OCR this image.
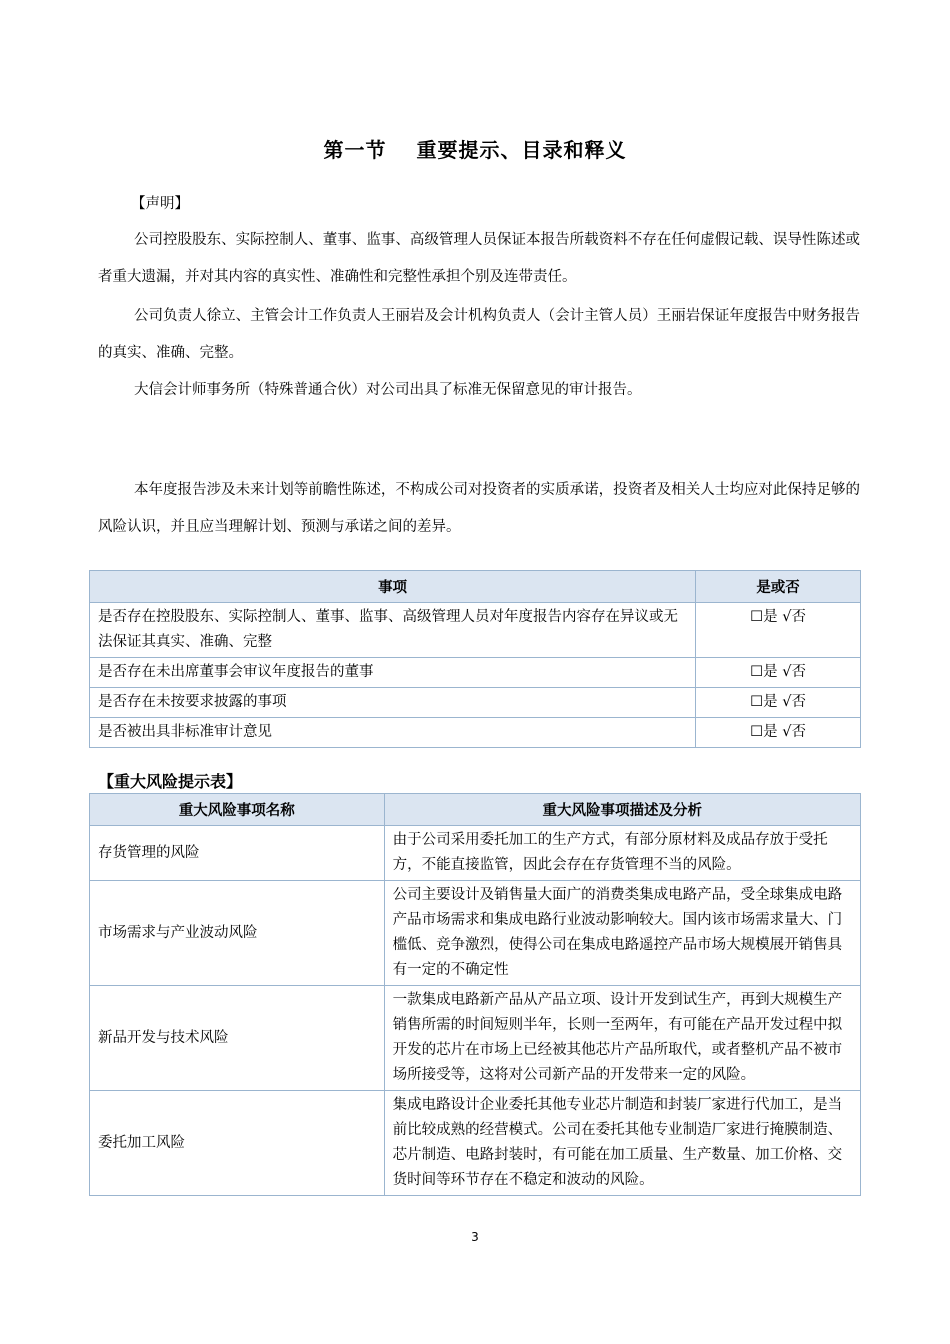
第一节 重要提示、目录和释义
【声明】
公司控股股东、实际控制人、董事、监事、高级管理人员保证本报告所载资料不存在任何虚假记载、误导性陈述或者重大遗漏，并对其内容的真实性、准确性和完整性承担个别及连带责任。
公司负责人徐立、主管会计工作负责人王丽岩及会计机构负责人（会计主管人员）王丽岩保证年度报告中财务报告的真实、准确、完整。
大信会计师事务所（特殊普通合伙）对公司出具了标准无保留意见的审计报告。
本年度报告涉及未来计划等前瞻性陈述，不构成公司对投资者的实质承诺，投资者及相关人士均应对此保持足够的风险认识，并且应当理解计划、预测与承诺之间的差异。
事项	是或否
是否存在控股股东、实际控制人、董事、监事、高级管理人员对年度报告内容存在异议或无法保证其真实、准确、完整	☐是 √否
是否存在未出席董事会审议年度报告的董事	☐是 √否
是否存在未按要求披露的事项	☐是 √否
是否被出具非标准审计意见	☐是 √否
【重大风险提示表】
重大风险事项名称	重大风险事项描述及分析
存货管理的风险	由于公司采用委托加工的生产方式，有部分原材料及成品存放于受托方，不能直接监管，因此会存在存货管理不当的风险。
市场需求与产业波动风险	公司主要设计及销售量大面广的消费类集成电路产品，受全球集成电路产品市场需求和集成电路行业波动影响较大。国内该市场需求量大、门槛低、竞争激烈，使得公司在集成电路遥控产品市场大规模展开销售具有一定的不确定性
新品开发与技术风险	一款集成电路新产品从产品立项、设计开发到试生产，再到大规模生产销售所需的时间短则半年，长则一至两年，有可能在产品开发过程中拟开发的芯片在市场上已经被其他芯片产品所取代，或者整机产品不被市场所接受等，这将对公司新产品的开发带来一定的风险。
委托加工风险	集成电路设计企业委托其他专业芯片制造和封装厂家进行代加工，是当前比较成熟的经营模式。公司在委托其他专业制造厂家进行掩膜制造、芯片制造、电路封装时，有可能在加工质量、生产数量、加工价格、交货时间等环节存在不稳定和波动的风险。
3
